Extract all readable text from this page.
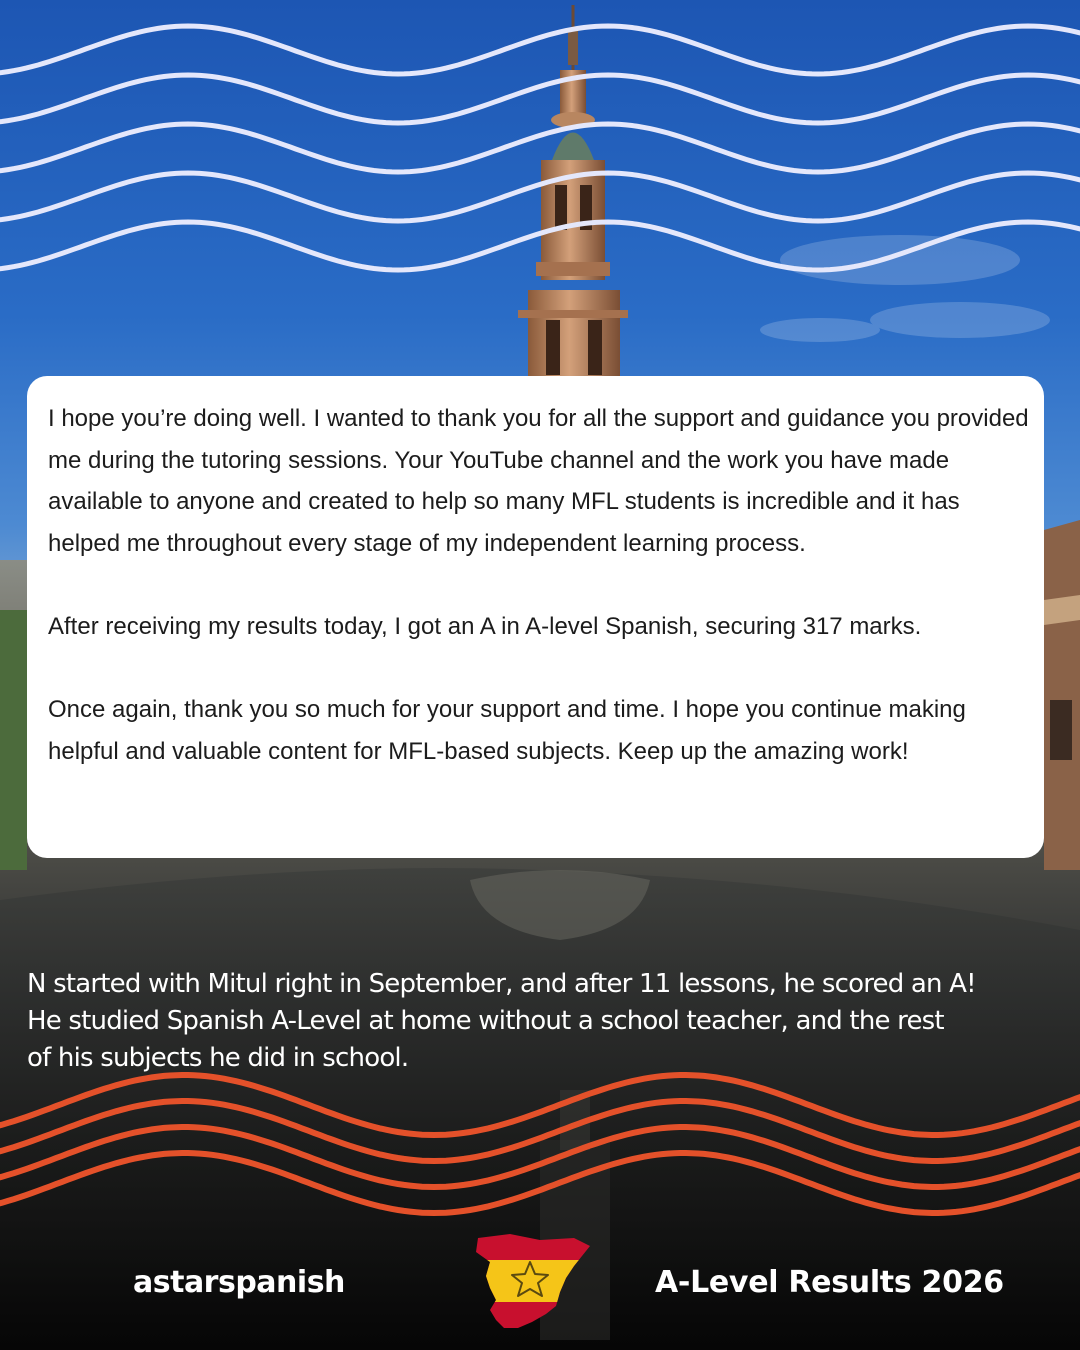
I hope you’re doing well. I wanted to thank you for all the support and guidance you provided me during the tutoring sessions. Your YouTube channel and the work you have made available to anyone and created to help so many MFL students is incredible and it has helped me throughout every stage of my independent learning process.

After receiving my results today, I got an A in A-level Spanish, securing 317 marks.

Once again, thank you so much for your support and time. I hope you continue making helpful and valuable content for MFL-based subjects. Keep up the amazing work!

N started with Mitul right in September, and after 11 lessons, he scored an A!
He studied Spanish A-Level at home without a school teacher, and the rest
of his subjects he did in school.
astarspanish	A-Level Results 2026
